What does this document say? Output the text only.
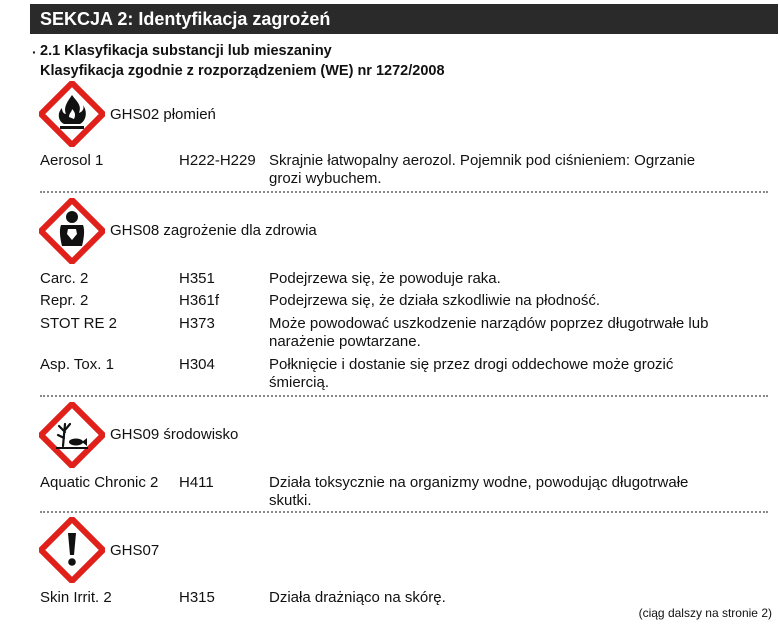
SEKCJA 2: Identyfikacja zagrożeń
· 2.1 Klasyfikacja substancji lub mieszaniny
Klasyfikacja zgodnie z rozporządzeniem (WE) nr 1272/2008
GHS02 płomień
Aerosol 1	H222-H229 Skrajnie łatwopalny aerozol. Pojemnik pod ciśnieniem: Ogrzanie
grozi wybuchem.
GHS08 zagrożenie dla zdrowia
Carc. 2	H351	Podejrzewa się, że powoduje raka.
Repr. 2	H361f	Podejrzewa się, że działa szkodliwie na płodność.
STOT RE 2	H373	Może powodować uszkodzenie narządów poprzez długotrwałe lub
narażenie powtarzane.
Asp. Tox. 1	H304	Połknięcie i dostanie się przez drogi oddechowe może grozić
śmiercią.
GHS09 środowisko
Aquatic Chronic 2 H411	Działa toksycznie na organizmy wodne, powodując długotrwałe
skutki.
GHS07
Skin Irrit. 2	H315	Działa drażniąco na skórę.
(ciąg dalszy na stronie 2)
